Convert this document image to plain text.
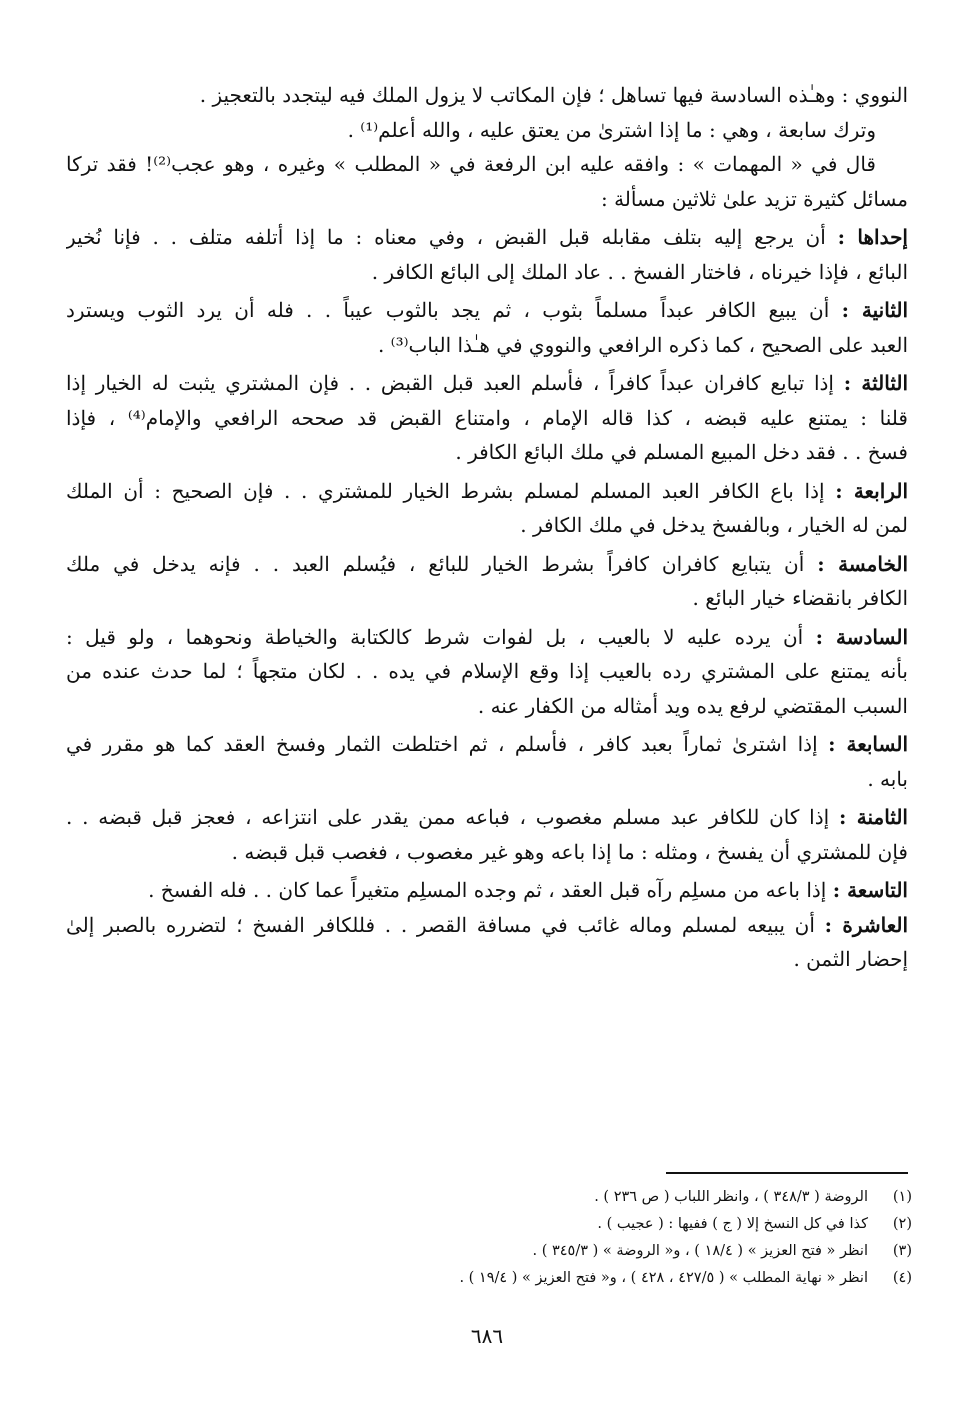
النووي : وهـٰذه السادسة فيها تساهل ؛ فإن المكاتب لا يزول الملك فيه ليتجدد بالتعجيز .
وترك سابعة ، وهي : ما إذا اشترىٰ من يعتق عليه ، والله أعلم⁽¹⁾ .
قال في « المهمات » : وافقه عليه ابن الرفعة في « المطلب » وغيره ، وهو عجب⁽²⁾! فقد تركا
مسائل كثيرة تزيد علىٰ ثلاثين مسألة :
إحداها : أن يرجع إليه بتلف مقابله قبل القبض ، وفي معناه : ما إذا أتلفه متلف . . فإنا نُخير
البائع ، فإذا خيرناه ، فاختار الفسخ . . عاد الملك إلى البائع الكافر .
الثانية : أن يبيع الكافر عبداً مسلماً بثوب ، ثم يجد بالثوب عيباً . . فله أن يرد الثوب ويسترد
العبد على الصحيح ، كما ذكره الرافعي والنووي في هـٰذا الباب⁽³⁾ .
الثالثة : إذا تبايع كافران عبداً كافراً ، فأسلم العبد قبل القبض . . فإن المشتري يثبت له الخيار إذا
قلنا : يمتنع عليه قبضه ، كذا قاله الإمام ، وامتناع القبض قد صححه الرافعي والإمام⁽⁴⁾ ، فإذا
فسخ . . فقد دخل المبيع المسلم في ملك البائع الكافر .
الرابعة : إذا باع الكافر العبد المسلم لمسلم بشرط الخيار للمشتري . . فإن الصحيح : أن الملك
لمن له الخيار ، وبالفسخ يدخل في ملك الكافر .
الخامسة : أن يتبايع كافران كافراً بشرط الخيار للبائع ، فيُسلم العبد . . فإنه يدخل في ملك
الكافر بانقضاء خيار البائع .
السادسة : أن يرده عليه لا بالعيب ، بل لفوات شرط كالكتابة والخياطة ونحوهما ، ولو قيل :
بأنه يمتنع على المشتري رده بالعيب إذا وقع الإسلام في يده . . لكان متجهاً ؛ لما حدث عنده من
السبب المقتضي لرفع يده ويد أمثاله من الكفار عنه .
السابعة : إذا اشترىٰ ثماراً بعبد كافر ، فأسلم ، ثم اختلطت الثمار وفسخ العقد كما هو مقرر في
بابه .
الثامنة : إذا كان للكافر عبد مسلم مغصوب ، فباعه ممن يقدر على انتزاعه ، فعجز قبل قبضه . .
فإن للمشتري أن يفسخ ، ومثله : ما إذا باعه وهو غير مغصوب ، فغصب قبل قبضه .
التاسعة : إذا باعه من مسلِم رآه قبل العقد ، ثم وجده المسلِم متغيراً عما كان . . فله الفسخ .
العاشرة : أن يبيعه لمسلم وماله غائب في مسافة القصر . . فللكافر الفسخ ؛ لتضرره بالصبر إلىٰ
إحضار الثمن .
(١)
الروضة ( ٣٤٨/٣ ) ، وانظر اللباب ( ص ٢٣٦ ) .
(٢)
كذا في كل النسخ إلا ( ج ) ففيها : ( عجيب ) .
(٣)
انظر « فتح العزيز » ( ١٨/٤ ) ، و« الروضة » ( ٣٤٥/٣ ) .
(٤)
انظر « نهاية المطلب » ( ٤٢٧/٥ ، ٤٢٨ ) ، و« فتح العزيز » ( ١٩/٤ ) .
٦٨٦
